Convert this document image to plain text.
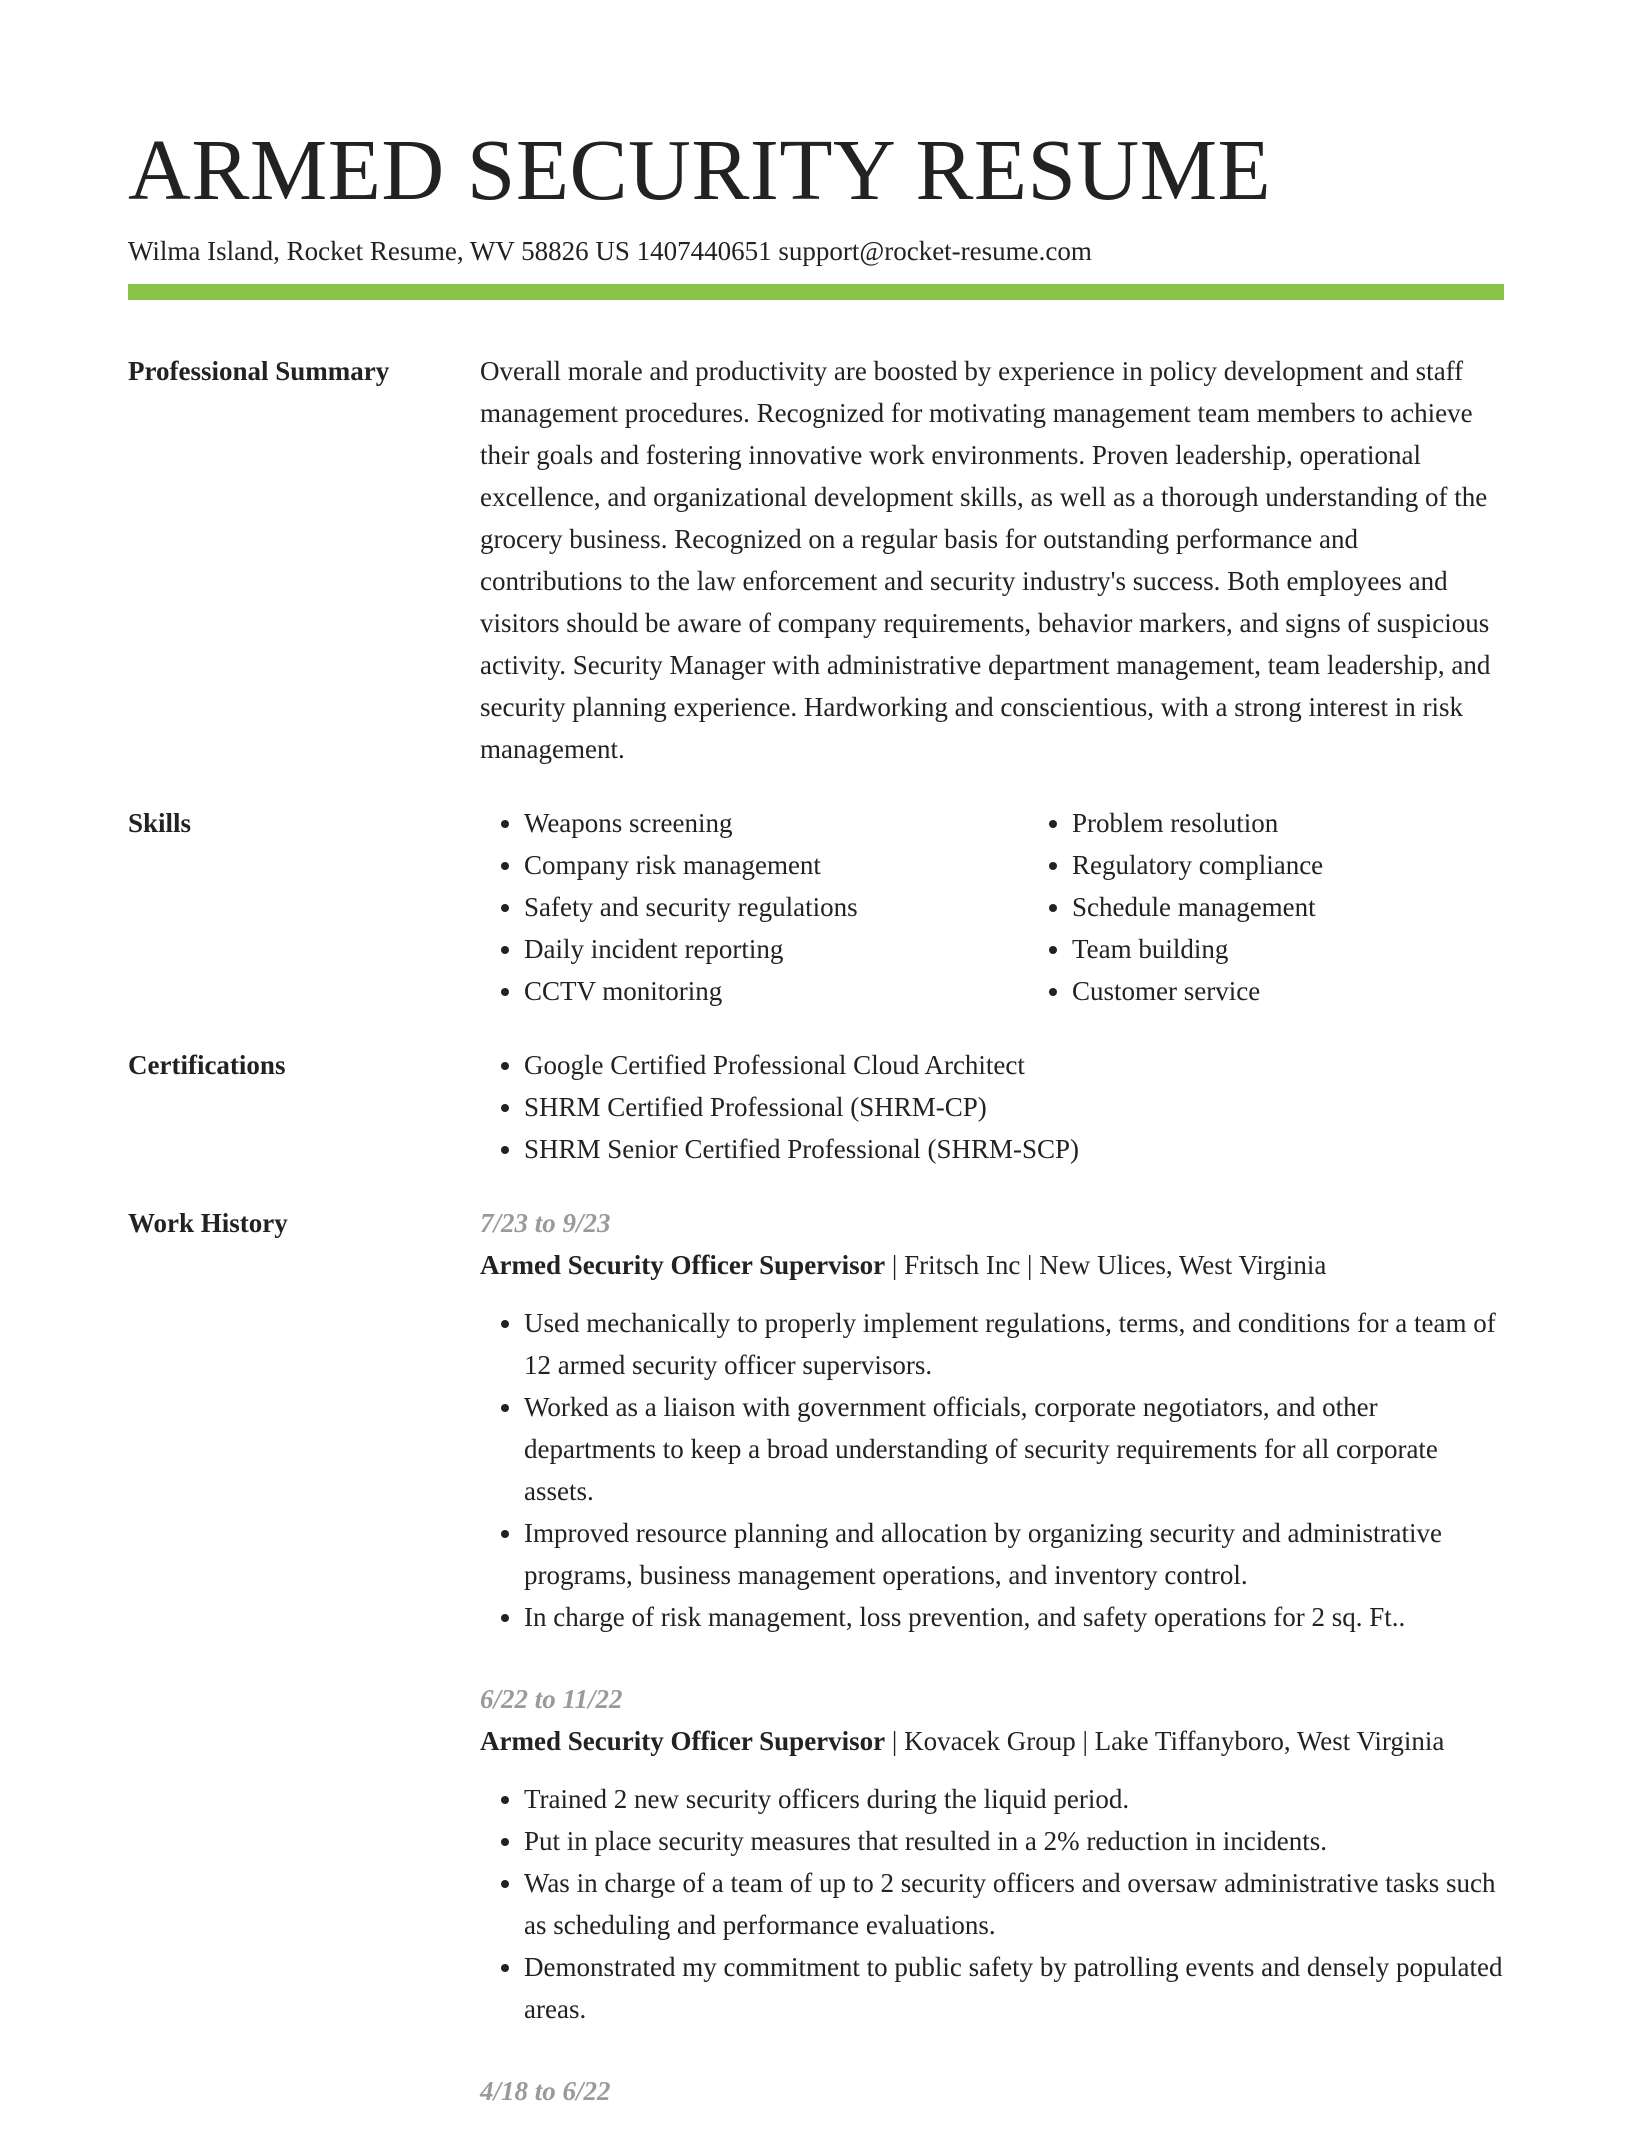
ARMED SECURITY RESUME
Wilma Island, Rocket Resume, WV 58826 US 1407440651 support@rocket-resume.com
Professional Summary	Overall morale and productivity are boosted by experience in policy development and staff management procedures. Recognized for motivating management team members to achieve their goals and fostering innovative work environments. Proven leadership, operational excellence, and organizational development skills, as well as a thorough understanding of the grocery business. Recognized on a regular basis for outstanding performance and contributions to the law enforcement and security industry's success. Both employees and visitors should be aware of company requirements, behavior markers, and signs of suspicious activity. Security Manager with administrative department management, team leadership, and security planning experience. Hardworking and conscientious, with a strong interest in risk management.

Skills	• Weapons screening
• Company risk management
• Safety and security regulations
• Daily incident reporting
• CCTV monitoring
• Problem resolution
• Regulatory compliance
• Schedule management
• Team building
• Customer service
Certifications	• Google Certified Professional Cloud Architect
• SHRM Certified Professional (SHRM-CP)
• SHRM Senior Certified Professional (SHRM-SCP)
Work History	7/23 to 9/23
Armed Security Officer Supervisor | Fritsch Inc | New Ulices, West Virginia
• Used mechanically to properly implement regulations, terms, and conditions for a team of 12 armed security officer supervisors.
• Worked as a liaison with government officials, corporate negotiators, and other departments to keep a broad understanding of security requirements for all corporate assets.
• Improved resource planning and allocation by organizing security and administrative programs, business management operations, and inventory control.
• In charge of risk management, loss prevention, and safety operations for 2 sq. Ft..
6/22 to 11/22
Armed Security Officer Supervisor | Kovacek Group | Lake Tiffanyboro, West Virginia
• Trained 2 new security officers during the liquid period.
• Put in place security measures that resulted in a 2% reduction in incidents.
• Was in charge of a team of up to 2 security officers and oversaw administrative tasks such as scheduling and performance evaluations.
• Demonstrated my commitment to public safety by patrolling events and densely populated areas.
4/18 to 6/22
